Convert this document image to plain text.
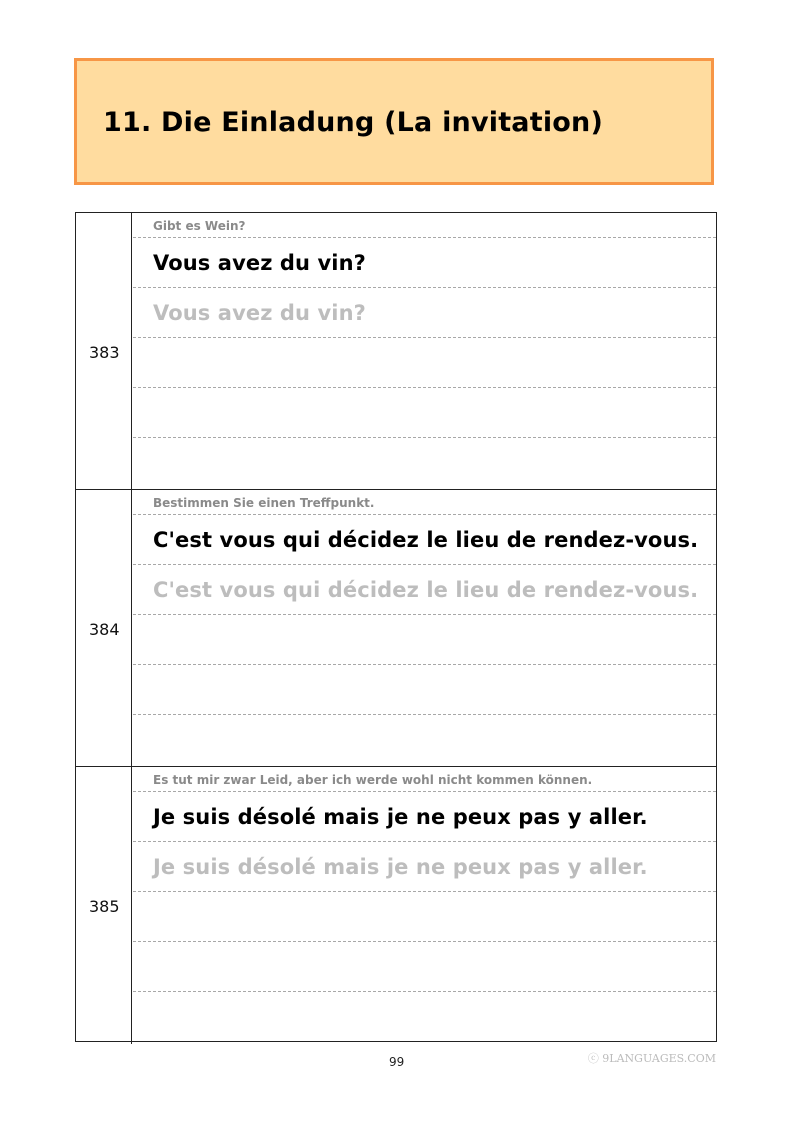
11. Die Einladung (La invitation)
383
Gibt es Wein?
Vous avez du vin?
Vous avez du vin?
384
Bestimmen Sie einen Treffpunkt.
C'est vous qui décidez le lieu de rendez-vous.
C'est vous qui décidez le lieu de rendez-vous.
385
Es tut mir zwar Leid, aber ich werde wohl nicht kommen können.
Je suis désolé mais je ne peux pas y aller.
Je suis désolé mais je ne peux pas y aller.
99	ⓒ 9LANGUAGES.COM
